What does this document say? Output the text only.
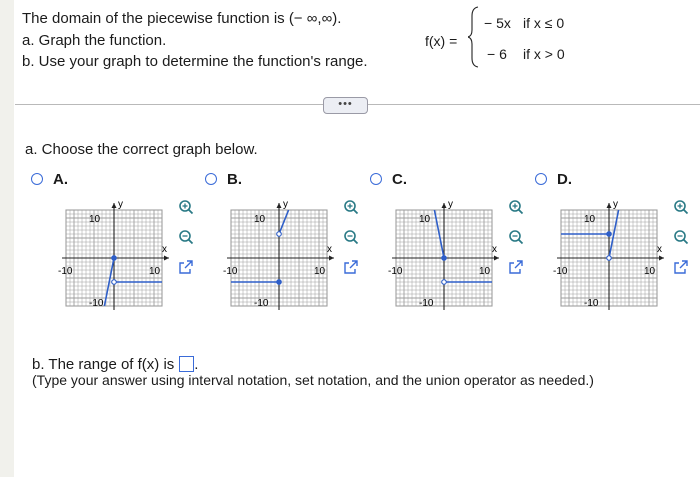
The domain of the piecewise function is (− ∞,∞).
a. Graph the function.
b. Use your graph to determine the function's range.
f(x) =
− 5x if x ≤ 0
− 6 if x > 0
•••
a. Choose the correct graph below.
A.	B.	C.	D.
y
x
10
-10	10
-10
y
x
10
-10	10
-10
y
x
10
-10	10
-10
y
x
10
-10	10
-10
b. The range of f(x) is .
(Type your answer using interval notation, set notation, and the union operator as needed.)
